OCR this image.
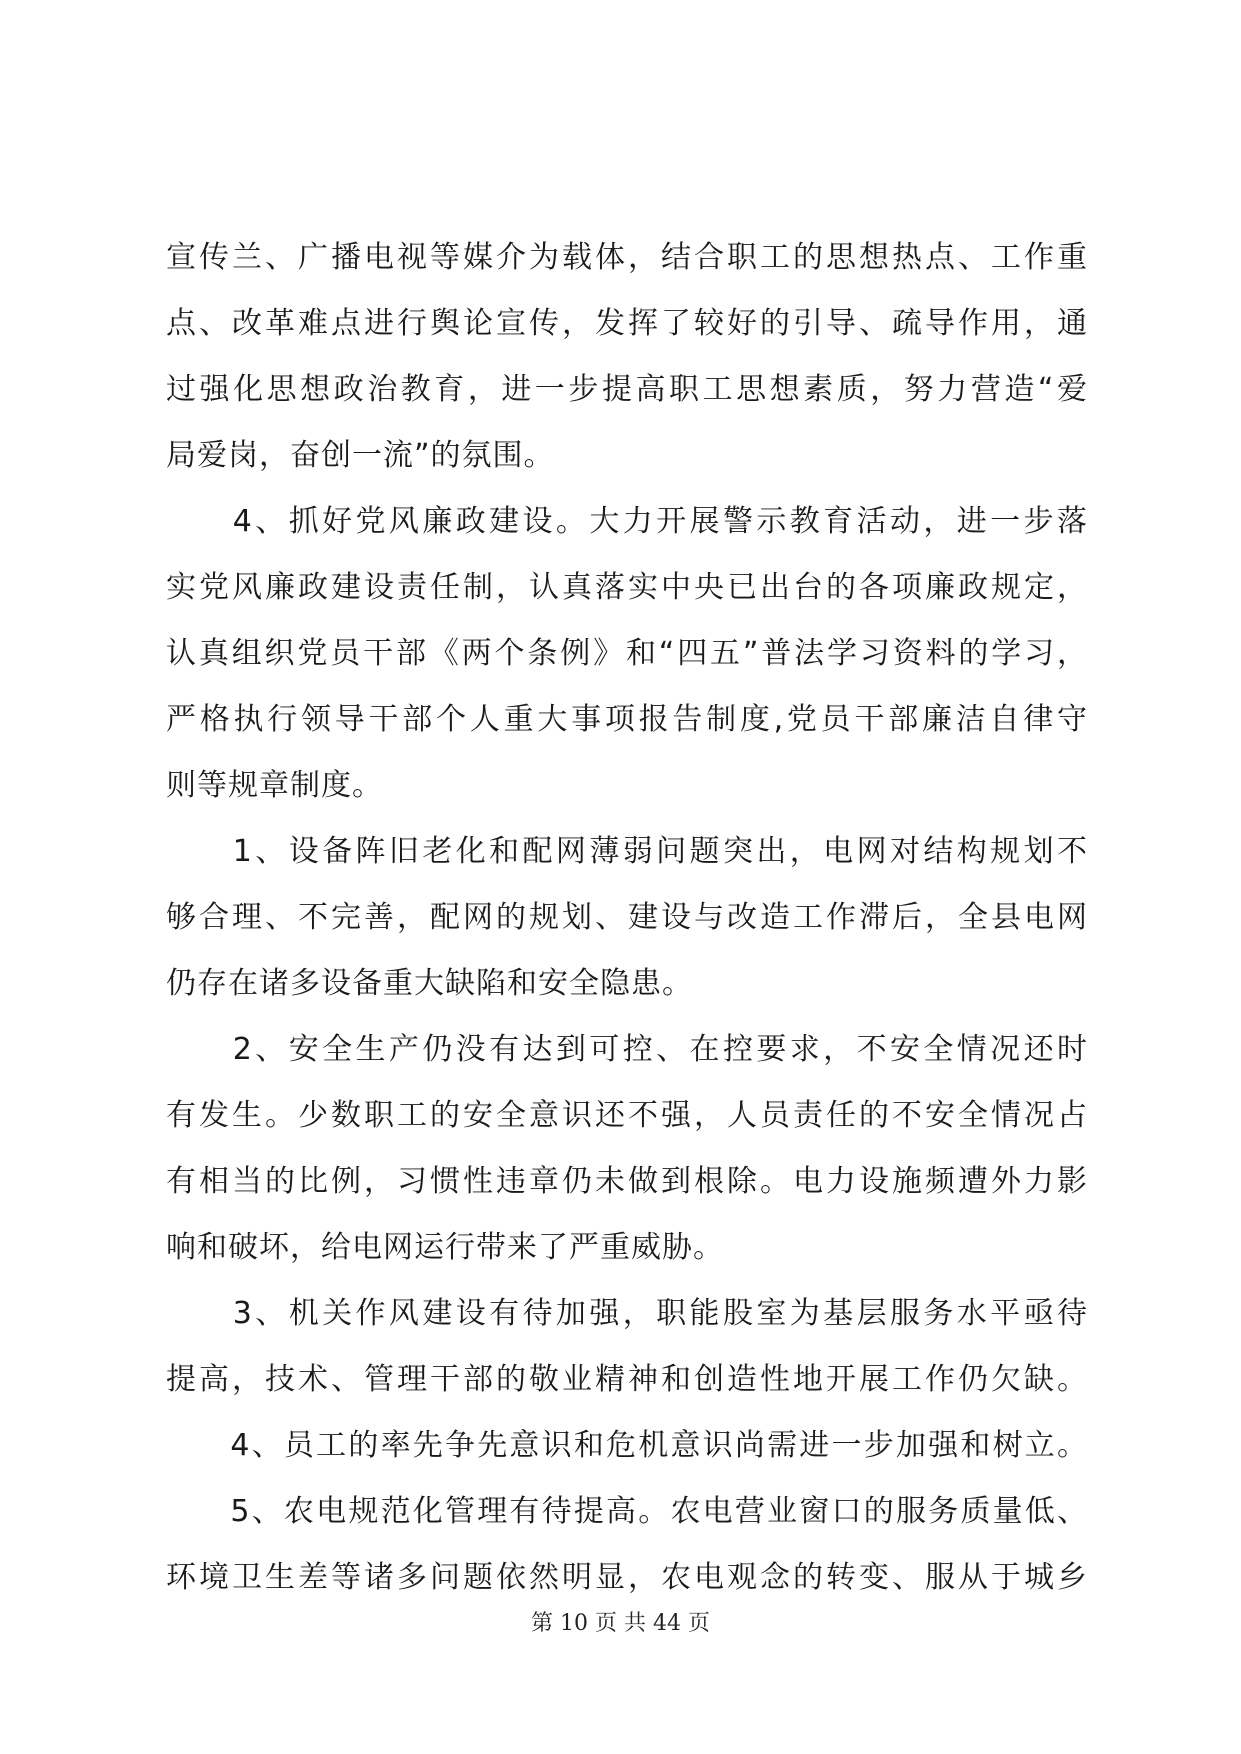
宣传兰、广播电视等媒介为载体，结合职工的思想热点、工作重
点、改革难点进行舆论宣传，发挥了较好的引导、疏导作用，通
过强化思想政治教育，进一步提高职工思想素质，努力营造“爱
局爱岗，奋创一流”的氛围。
　　4、抓好党风廉政建设。大力开展警示教育活动，进一步落
实党风廉政建设责任制，认真落实中央已出台的各项廉政规定，
认真组织党员干部《两个条例》和“四五”普法学习资料的学习，
严格执行领导干部个人重大事项报告制度,党员干部廉洁自律守
则等规章制度。
　　1、设备阵旧老化和配网薄弱问题突出，电网对结构规划不
够合理、不完善，配网的规划、建设与改造工作滞后，全县电网
仍存在诸多设备重大缺陷和安全隐患。
　　2、安全生产仍没有达到可控、在控要求，不安全情况还时
有发生。少数职工的安全意识还不强，人员责任的不安全情况占
有相当的比例，习惯性违章仍未做到根除。电力设施频遭外力影
响和破坏，给电网运行带来了严重威胁。
　　3、机关作风建设有待加强，职能股室为基层服务水平亟待
提高，技术、管理干部的敬业精神和创造性地开展工作仍欠缺。
　　4、员工的率先争先意识和危机意识尚需进一步加强和树立。
　　5、农电规范化管理有待提高。农电营业窗口的服务质量低、
环境卫生差等诸多问题依然明显，农电观念的转变、服从于城乡
第 10 页 共 44 页
